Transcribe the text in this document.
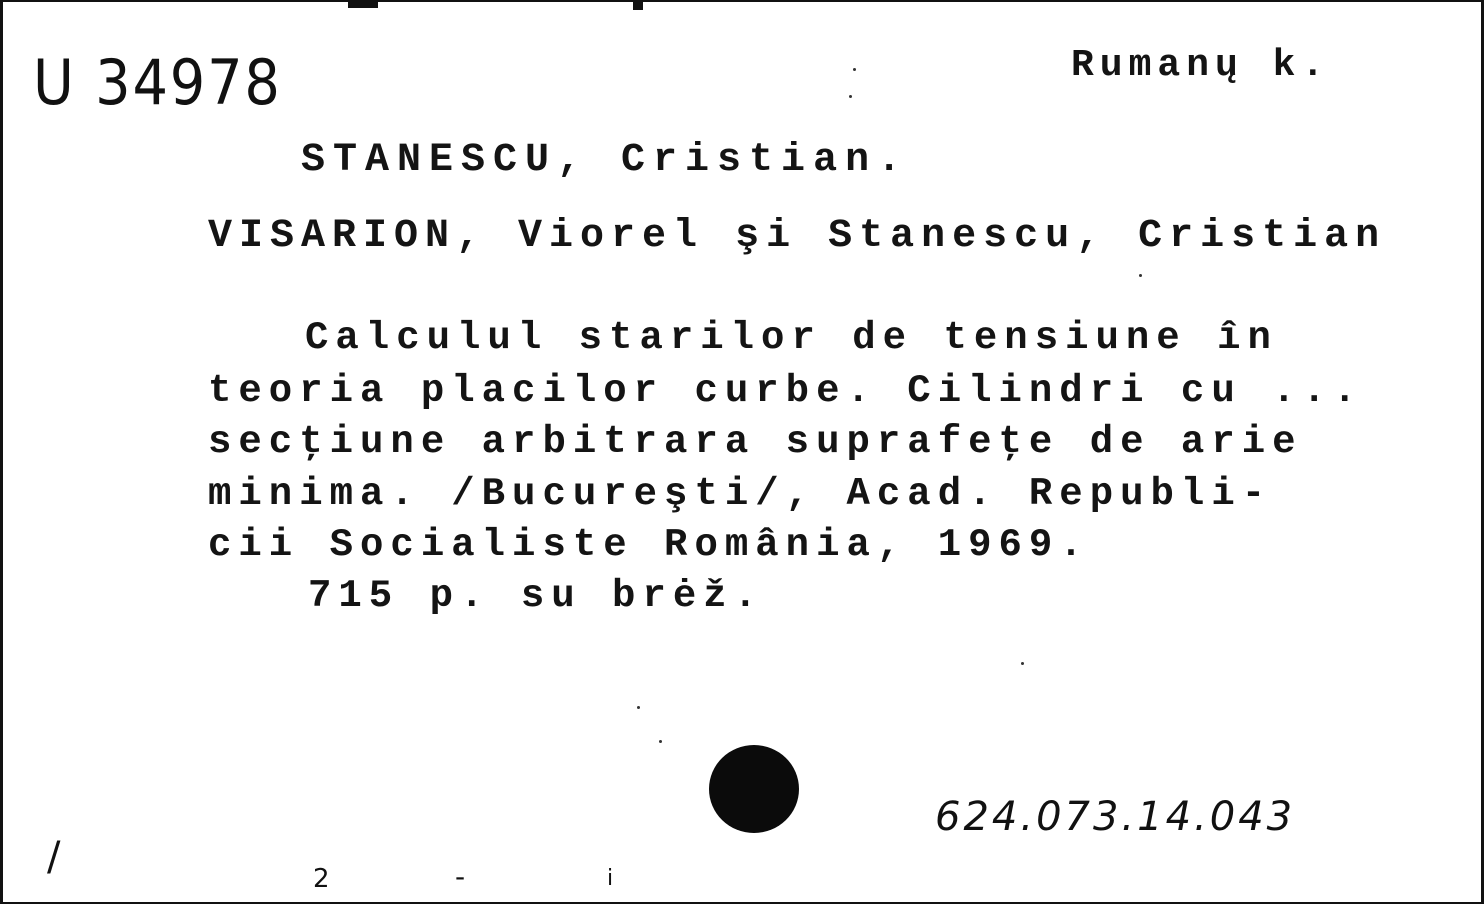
U 34978	Rumanų k.
STANESCU, Cristian.
VISARION, Viorel şi Stanescu, Cristian
Calculul starilor de tensiune în
teoria placilor curbe. Cilindri cu ...
secţiune arbitrara suprafeţe de arie
minima. /Bucureşti/, Acad. Republi-
cii Socialiste România, 1969.
715 p. su brėž.
624.073.14.043
/	2	-	i
